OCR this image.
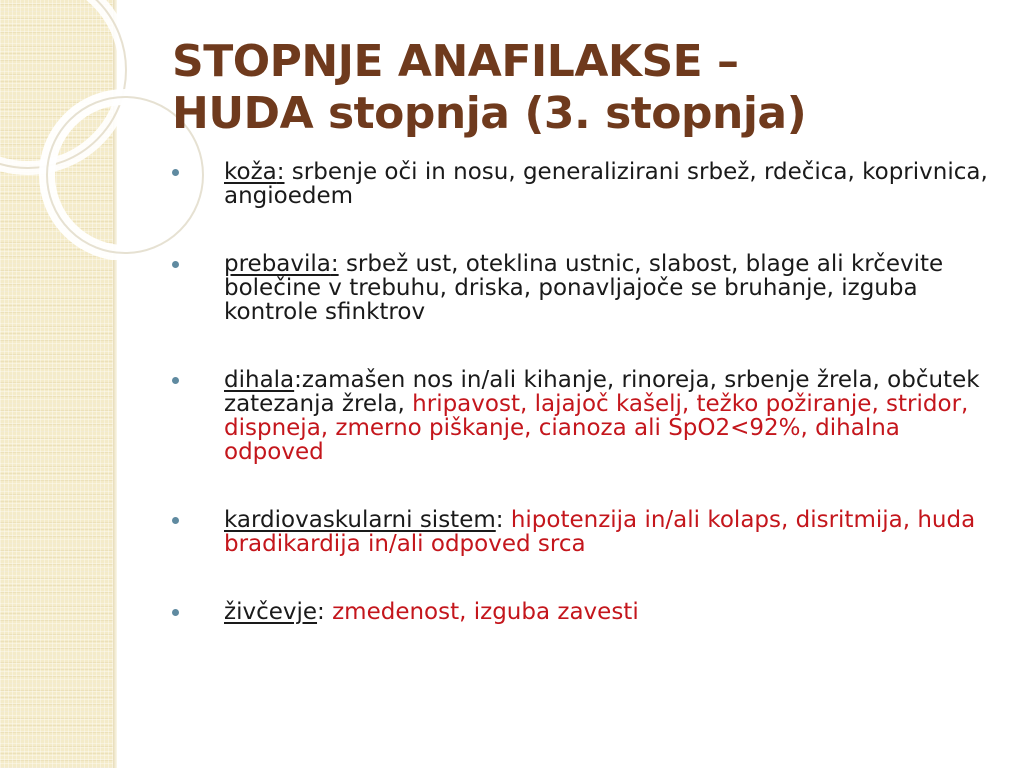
STOPNJE ANAFILAKSE –
HUDA stopnja (3. stopnja)
koža: srbenje oči in nosu, generalizirani srbež, rdečica, koprivnica, angioedem
prebavila: srbež ust, oteklina ustnic, slabost, blage ali krčevite bolečine v trebuhu, driska, ponavljajoče se bruhanje, izguba kontrole sfinktrov
dihala:zamašen nos in/ali kihanje, rinoreja, srbenje žrela, občutek zatezanja žrela, hripavost, lajajoč kašelj, težko požiranje, stridor, dispneja, zmerno piškanje, cianoza ali SpO2<92%, dihalna odpoved
kardiovaskularni sistem: hipotenzija in/ali kolaps, disritmija, huda bradikardija in/ali odpoved srca
živčevje: zmedenost, izguba zavesti
